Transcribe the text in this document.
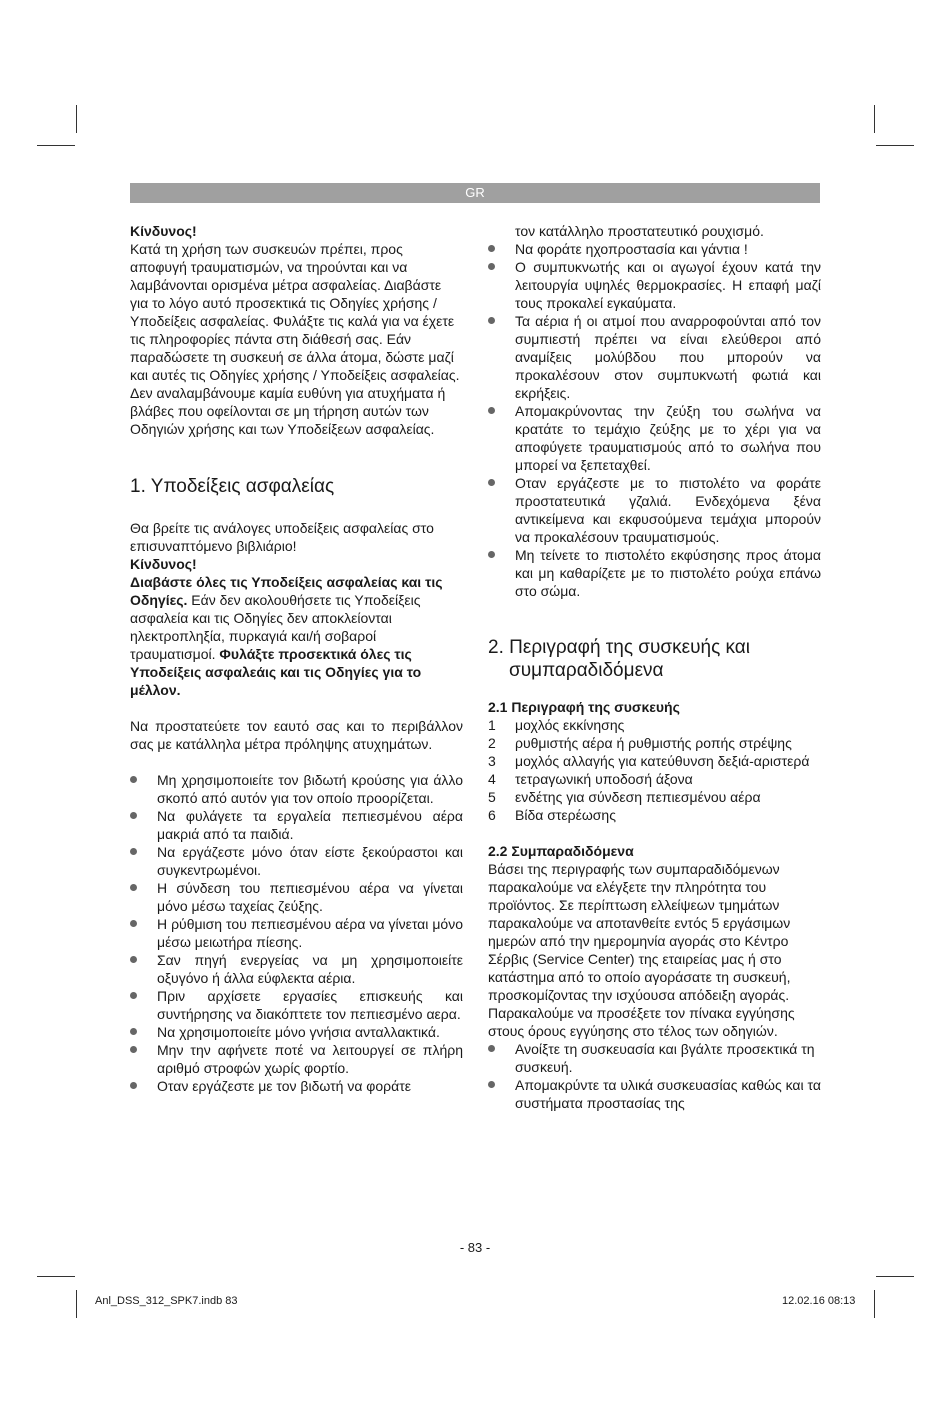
GR

Κίνδυνος!

Κατά τη χρήση των συσκευών πρέπει, προς αποφυγή τραυματισμών, να τηρούνται και να λαμβάνονται ορισμένα μέτρα ασφαλείας. Διαβάστε για το λόγο αυτό προσεκτικά τις Οδηγίες χρήσης / Υποδείξεις ασφαλείας. Φυλάξτε τις καλά για να έχετε τις πληροφορίες πάντα στη διάθεσή σας. Εάν παραδώσετε τη συσκευή σε άλλα άτομα, δώστε μαζί και αυτές τις Οδηγίες χρήσης / Υποδείξεις ασφαλείας. Δεν αναλαμβάνουμε καμία ευθύνη για ατυχήματα ή βλάβες που οφείλονται σε μη τήρηση αυτών των Οδηγιών χρήσης και των Υποδείξεων ασφαλείας.

1. Υποδείξεις ασφαλείας

Θα βρείτε τις ανάλογες υποδείξεις ασφαλείας στο επισυναπτόμενο βιβλιάριο!

Κίνδυνος!

Διαβάστε όλες τις Υποδείξεις ασφαλείας και τις Οδηγίες. Εάν δεν ακολουθήσετε τις Υποδείξεις ασφαλεία και τις Οδηγίες δεν αποκλείονται ηλεκτροπληξία, πυρκαγιά και/ή σοβαροί τραυματισμοί. Φυλάξτε προσεκτικά όλες τις Υποδείξεις ασφαλεάις και τις Οδηγίες για το μέλλον.

Να προστατεύετε τον εαυτό σας και το περιβάλλον σας με κατάλληλα μέτρα πρόληψης ατυχημάτων.

Μη χρησιμοποιείτε τον βιδωτή κρούσης για άλλο σκοπό από αυτόν για τον οποίο προορίζεται.
Να φυλάγετε τα εργαλεία πεπιεσμένου αέρα μακριά από τα παιδιά.
Να εργάζεστε μόνο όταν είστε ξεκούραστοι και συγκεντρωμένοι.
Η σύνδεση του πεπιεσμένου αέρα να γίνεται μόνο μέσω ταχείας ζεύξης.
Η ρύθμιση του πεπιεσμένου αέρα να γίνεται μόνο μέσω μειωτήρα πίεσης.
Σαν πηγή ενεργείας να μη χρησιμοποιείτε οξυγόνο ή άλλα εύφλεκτα αέρια.
Πριν αρχίσετε εργασίες επισκευής και συντήρησης να διακόπτετε τον πεπιεσμένο αερα.
Να χρησιμοποιείτε μόνο γνήσια ανταλλακτικά.
Μην την αφήνετε ποτέ να λειτουργεί σε πλήρη αριθμό στροφών χωρίς φορτίο.
Οταν εργάζεστε με τον βιδωτή να φοράτε

τον κατάλληλο προστατευτικό ρουχισμό.

Να φοράτε ηχοπροστασία και γάντια !
Ο συμπυκνωτής και οι αγωγοί έχουν κατά την λειτουργία υψηλές θερμοκρασίες. Η επαφή μαζί τους προκαλεί εγκαύματα.
Τα αέρια ή οι ατμοί που αναρροφούνται από τον συμπιεστή πρέπει να είναι ελεύθεροι από αναμίξεις μολύβδου που μπορούν να προκαλέσουν στον συμπυκνωτή φωτιά και εκρήξεις.
Απομακρύνοντας την ζεύξη του σωλήνα να κρατάτε το τεμάχιο ζεύξης με το χέρι για να αποφύγετε τραυματισμούς από το σωλήνα που μπορεί να ξεπεταχθεί.
Οταν εργάζεστε με το πιστολέτο να φοράτε προστατευτικά γζαλιά. Ενδεχόμενα ξένα αντικείμενα και εκφυσούμενα τεμάχια μπορούν να προκαλέσουν τραυματισμούς.
Μη τείνετε το πιστολέτο εκφύσησης προς άτομα και μη καθαρίζετε με το πιστολέτο ρούχα επάνω στο σώμα.
2. Περιγραφή της συσκευής και συμπαραδιδόμενα
2.1 Περιγραφή της συσκευής
1 μοχλός εκκίνησης
2 ρυθμιστής αέρα ή ρυθμιστής ροπής στρέψης
3 μοχλός αλλαγής για κατεύθυνση δεξιά-αριστερά
4 τετραγωνική υποδοσή άξονα
5 ενδέτης για σύνδεση πεπιεσμένου αέρα
6 Βίδα στερέωσης
2.2 Συμπαραδιδόμενα

Βάσει της περιγραφής των συμπαραδιδόμενων παρακαλούμε να ελέγξετε την πληρότητα του προϊόντος. Σε περίπτωση ελλείψεων τμημάτων παρακαλούμε να αποτανθείτε εντός 5 εργάσιμων ημερών από την ημερομηνία αγοράς στο Κέντρο Σέρβις (Service Center) της εταιρείας μας ή στο κατάστημα από το οποίο αγοράσατε τη συσκευή, προσκομίζοντας την ισχύουσα απόδειξη αγοράς. Παρακαλούμε να προσέξετε τον πίνακα εγγύησης στους όρους εγγύησης στο τέλος των οδηγιών.

Ανοίξτε τη συσκευασία και βγάλτε προσεκτικά τη συσκευή.
Απομακρύντε τα υλικά συσκευασίας καθώς και τα συστήματα προστασίας της
- 83 -
Anl_DSS_312_SPK7.indb 83	12.02.16 08:13
